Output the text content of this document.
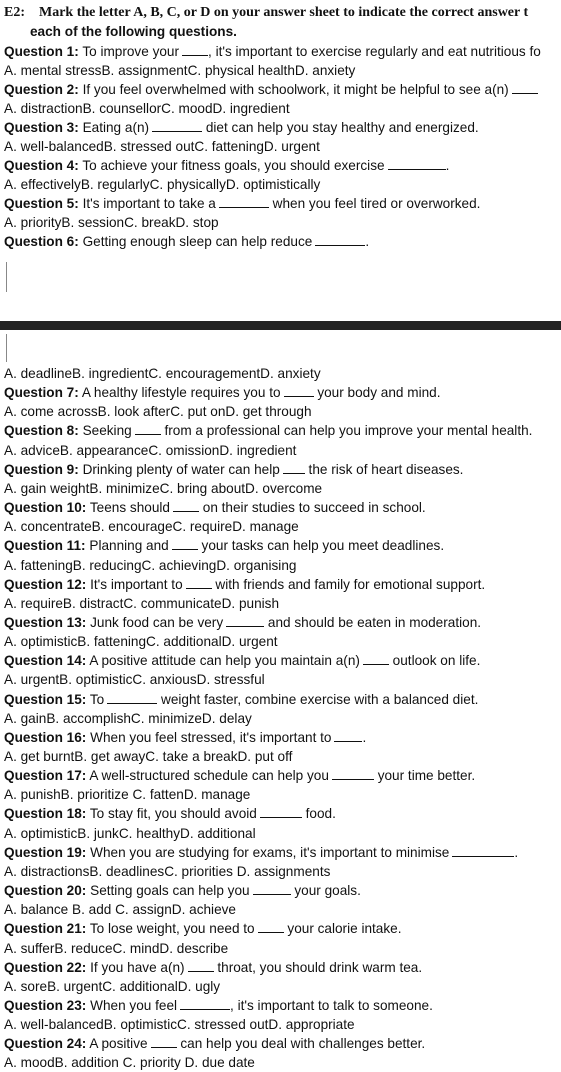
E2: Mark the letter A, B, C, or D on your answer sheet to indicate the correct answer t
each of the following questions.
Question 1: To improve your , it's important to exercise regularly and eat nutritious fo
A. mental stressB. assignmentC. physical healthD. anxiety
Question 2: If you feel overwhelmed with schoolwork, it might be helpful to see a(n)
A. distractionB. counsellorC. moodD. ingredient
Question 3: Eating a(n)	diet can help you stay healthy and energized.
A. well-balancedB. stressed outC. fatteningD. urgent
Question 4: To achieve your fitness goals, you should exercise	.
A. effectivelyB. regularlyC. physicallyD. optimistically
Question 5: It's important to take a	when you feel tired or overworked.
A. priorityB. sessionC. breakD. stop
Question 6: Getting enough sleep can help reduce	.
A. deadlineB. ingredientC. encouragementD. anxiety
Question 7: A healthy lifestyle requires you to your body and mind.
A. come acrossB. look afterC. put onD. get through
Question 8: Seeking from a professional can help you improve your mental health.
A. adviceB. appearanceC. omissionD. ingredient
Question 9: Drinking plenty of water can help the risk of heart diseases.
A. gain weightB. minimizeC. bring aboutD. overcome
Question 10: Teens should on their studies to succeed in school.
A. concentrateB. encourageC. requireD. manage
Question 11: Planning and your tasks can help you meet deadlines.
A. fatteningB. reducingC. achievingD. organising
Question 12: It's important to with friends and family for emotional support.
A. requireB. distractC. communicateD. punish
Question 13: Junk food can be very	and should be eaten in moderation.
A. optimisticB. fatteningC. additionalD. urgent
Question 14: A positive attitude can help you maintain a(n) outlook on life.
A. urgentB. optimisticC. anxiousD. stressful
Question 15: To	weight faster, combine exercise with a balanced diet.
A. gainB. accomplishC. minimizeD. delay
Question 16: When you feel stressed, it's important to .
A. get burntB. get awayC. take a breakD. put off
Question 17: A well-structured schedule can help you	your time better.
A. punishB. prioritize C. fattenD. manage
Question 18: To stay fit, you should avoid	food.
A. optimisticB. junkC. healthyD. additional
Question 19: When you are studying for exams, it's important to minimise	.
A. distractionsB. deadlinesC. priorities D. assignments
Question 20: Setting goals can help you	your goals.
A. balance B. add C. assignD. achieve
Question 21: To lose weight, you need to your calorie intake.
A. sufferB. reduceC. mindD. describe
Question 22: If you have a(n) throat, you should drink warm tea.
A. soreB. urgentC. additionalD. ugly
Question 23: When you feel	, it's important to talk to someone.
A. well-balancedB. optimisticC. stressed outD. appropriate
Question 24: A positive can help you deal with challenges better.
A. moodB. addition C. priority D. due date
